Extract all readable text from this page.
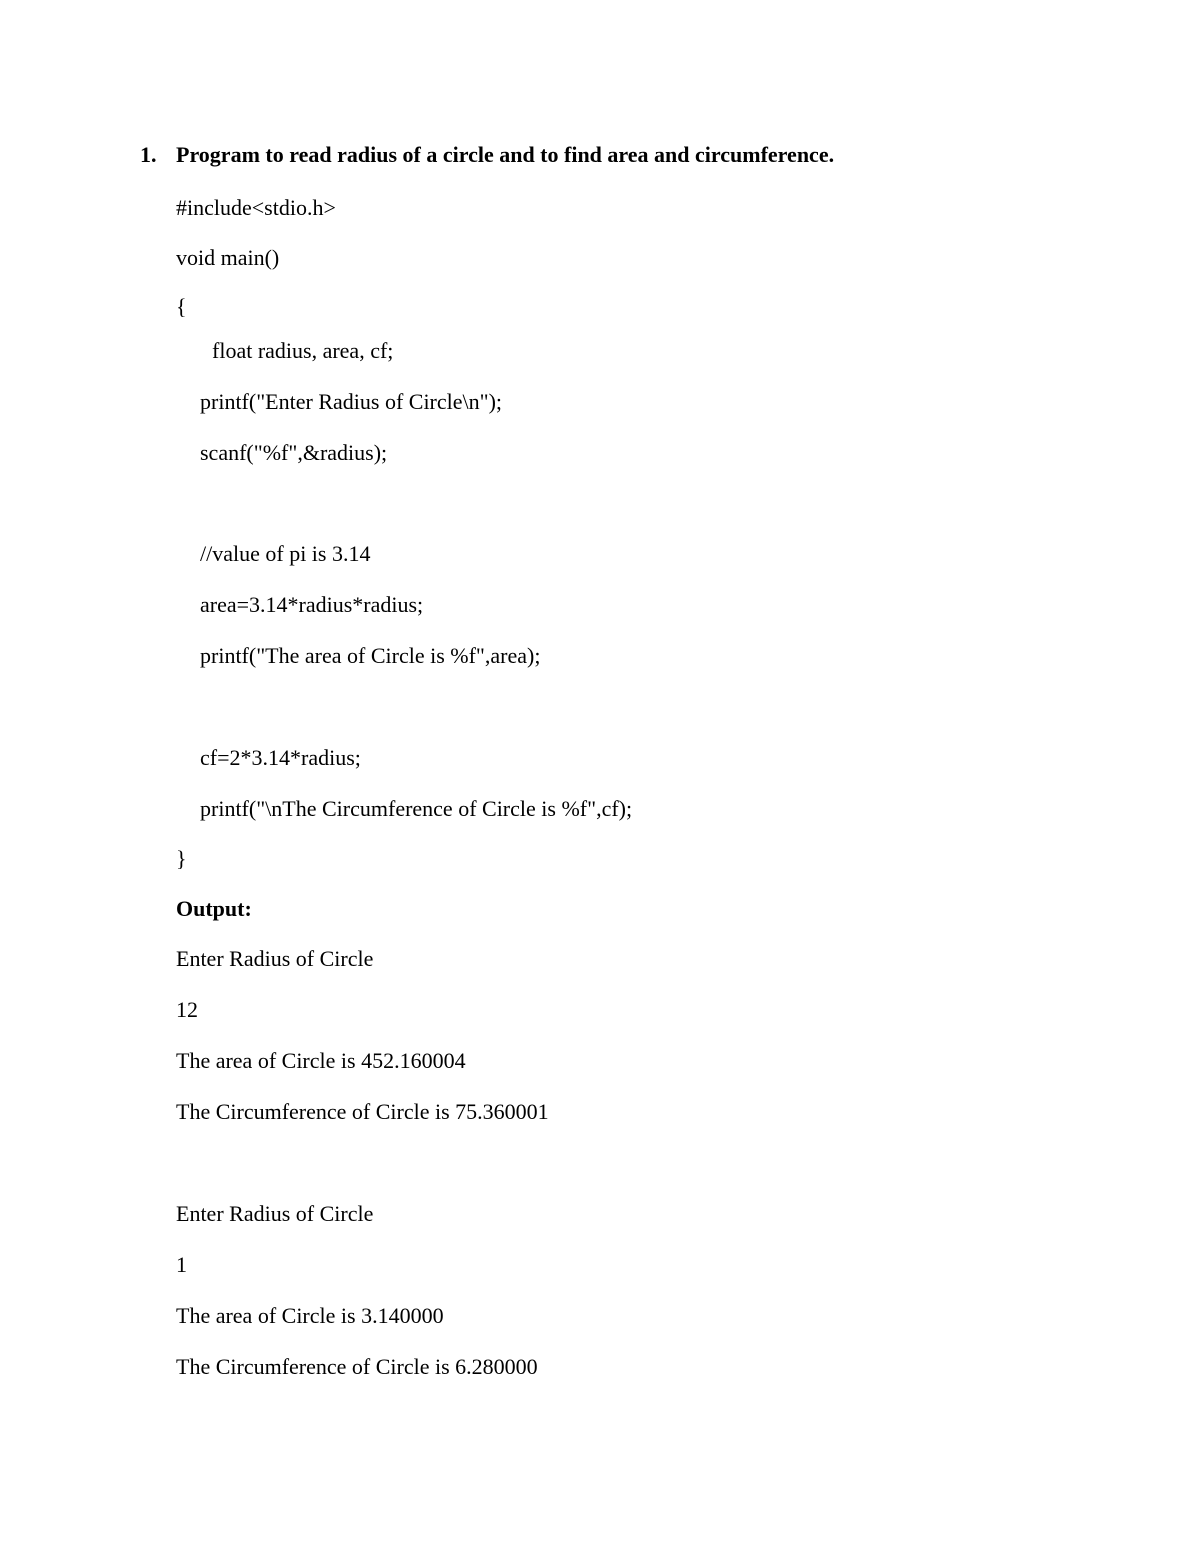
1. Program to read radius of a circle and to find area and circumference.
#include<stdio.h>
void main()
{
float radius, area, cf;
printf("Enter Radius of Circle\n");
scanf("%f",&radius);
//value of pi is 3.14
area=3.14*radius*radius;
printf("The area of Circle is %f",area);
cf=2*3.14*radius;
printf("\nThe Circumference of Circle is %f",cf);
}
Output:
Enter Radius of Circle
12
The area of Circle is 452.160004
The Circumference of Circle is 75.360001
Enter Radius of Circle
1
The area of Circle is 3.140000
The Circumference of Circle is 6.280000
